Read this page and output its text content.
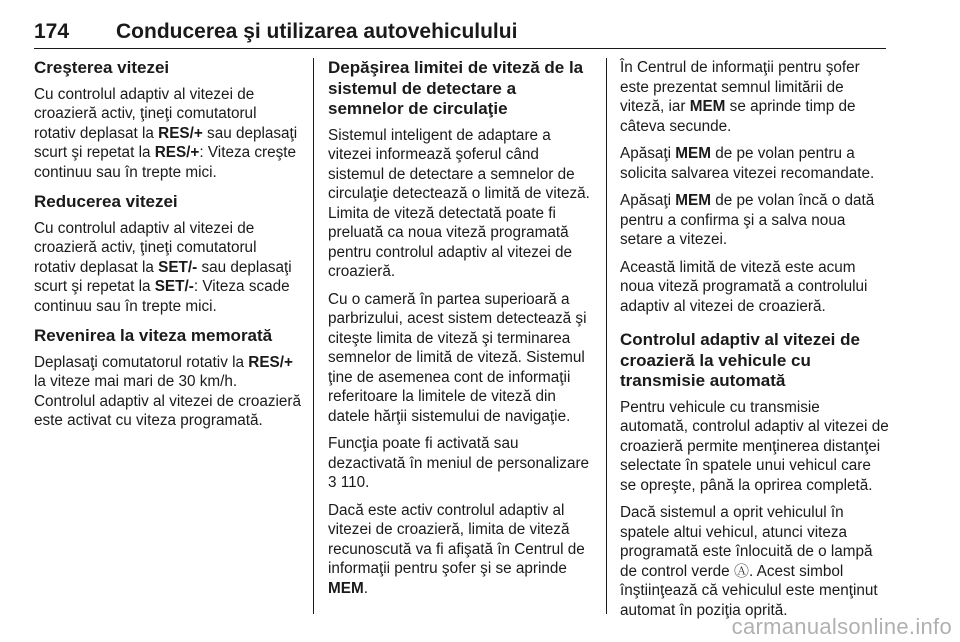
174 Conducerea şi utilizarea autovehiculului
Creşterea vitezei

Cu controlul adaptiv al vitezei de croazieră activ, ţineţi comutatorul rotativ deplasat la RES/+ sau deplasaţi scurt şi repetat la RES/+: Viteza creşte continuu sau în trepte mici.

Reducerea vitezei

Cu controlul adaptiv al vitezei de croazieră activ, ţineţi comutatorul rotativ deplasat la SET/- sau deplasaţi scurt şi repetat la SET/-: Viteza scade continuu sau în trepte mici.

Revenirea la viteza memorată

Deplasaţi comutatorul rotativ la RES/+ la viteze mai mari de 30 km/h. Controlul adaptiv al vitezei de croazieră este activat cu viteza programată.

Depăşirea limitei de viteză de la sistemul de detectare a semnelor de circulaţie

Sistemul inteligent de adaptare a vitezei informează şoferul când sistemul de detectare a semnelor de circulaţie detectează o limită de viteză. Limita de viteză detectată poate fi preluată ca noua viteză programată pentru controlul adaptiv al vitezei de croazieră.

Cu o cameră în partea superioară a parbrizului, acest sistem detectează şi citeşte limita de viteză şi terminarea semnelor de limită de viteză. Sistemul ţine de asemenea cont de informaţii referitoare la limitele de viteză din datele hărţii sistemului de navigaţie.

Funcţia poate fi activată sau dezactivată în meniul de personalizare 3 110.

Dacă este activ controlul adaptiv al vitezei de croazieră, limita de viteză recunoscută va fi afişată în Centrul de informaţii pentru şofer şi se aprinde MEM.

În Centrul de informaţii pentru şofer este prezentat semnul limitării de viteză, iar MEM se aprinde timp de câteva secunde.

Apăsaţi MEM de pe volan pentru a solicita salvarea vitezei recomandate.

Apăsaţi MEM de pe volan încă o dată pentru a confirma şi a salva noua setare a vitezei.

Această limită de viteză este acum noua viteză programată a controlului adaptiv al vitezei de croazieră.

Controlul adaptiv al vitezei de croazieră la vehicule cu transmisie automată

Pentru vehicule cu transmisie automată, controlul adaptiv al vitezei de croazieră permite menţinerea distanţei selectate în spatele unui vehicul care se opreşte, până la oprirea completă.

Dacă sistemul a oprit vehiculul în spatele altui vehicul, atunci viteza programată este înlocuită de o lampă de control verde Ⓐ. Acest simbol înştiinţează că vehiculul este menţinut automat în poziţia oprită.

carmanualsonline.info
